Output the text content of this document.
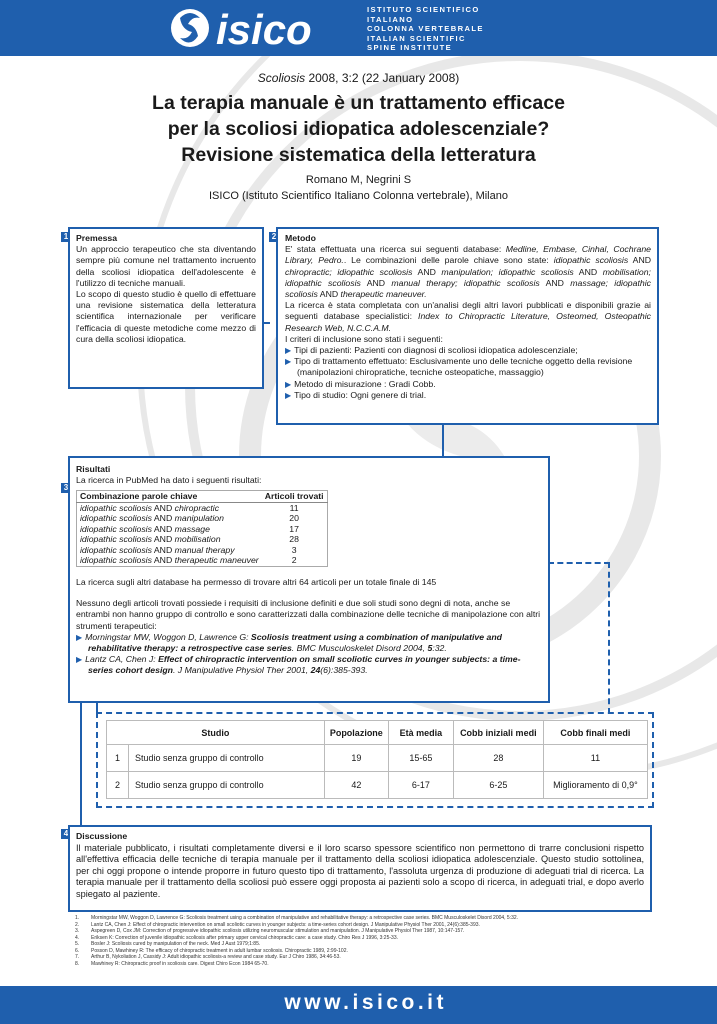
isico	ISTITUTO SCIENTIFICO
ITALIANO
COLONNA VERTEBRALE
ITALIAN SCIENTIFIC
SPINE INSTITUTE
Scoliosis 2008, 3:2 (22 January 2008)
La terapia manuale è un trattamento efficace
per la scoliosi idiopatica adolescenziale?
Revisione sistematica della letteratura
Romano M, Negrini S
ISICO (Istituto Scientifico Italiano Colonna vertebrale), Milano
1 Premessa
Un approccio terapeutico che sta diventando sempre più comune nel trattamento incruento della scoliosi idiopatica dell'adolescente è l'utilizzo di tecniche manuali.
Lo scopo di questo studio è quello di effettuare una revisione sistematica della letteratura scientifica internazionale per verificare l'efficacia di queste metodiche come mezzo di cura della scoliosi idiopatica.
2	Metodo
E' stata effettuata una ricerca sui seguenti database: Medline, Embase, Cinhal, Cochrane Library, Pedro.. Le combinazioni delle parole chiave sono state: idiopathic scoliosis AND chiropractic; idiopathic scoliosis AND manipulation; idiopathic scoliosis AND mobilisation; idiopathic scoliosis AND manual therapy; idiopathic scoliosis AND massage; idiopathic scoliosis AND therapeutic maneuver.
La ricerca è stata completata con un'analisi degli altri lavori pubblicati e disponibili grazie ai seguenti database specialistici: Index to Chiropractic Literature, Osteomed, Osteopathic Research Web, N.C.C.A.M.
I criteri di inclusione sono stati i seguenti:
▶ Tipi di pazienti: Pazienti con diagnosi di scoliosi idiopatica adolescenziale;
▶ Tipo di trattamento effettuato: Esclusivamente uno delle tecniche oggetto della revisione (manipolazioni chiropratiche, tecniche osteopatiche, massaggio)
▶ Metodo di misurazione : Gradi Cobb.
▶ Tipo di studio: Ogni genere di trial.
3
Risultati
La ricerca in PubMed ha dato i seguenti risultati:
Combinazione parole chiave	Articoli trovati
idiopathic scoliosis AND chiropractic	11
idiopathic scoliosis AND manipulation	20
idiopathic scoliosis AND massage	17
idiopathic scoliosis AND mobilisation	28
idiopathic scoliosis AND manual therapy	3
idiopathic scoliosis AND therapeutic maneuver	2
La ricerca sugli altri database ha permesso di trovare altri 64 articoli per un totale finale di 145
Nessuno degli articoli trovati possiede i requisiti di inclusione definiti e due soli studi sono degni di nota, anche se entrambi non hanno gruppo di controllo e sono caratterizzati dalla combinazione delle tecniche di manipolazione con altri strumenti terapeutici:
▶ Morningstar MW, Woggon D, Lawrence G: Scoliosis treatment using a combination of manipulative and rehabilitative therapy: a retrospective case series. BMC Musculoskelet Disord 2004, 5:32.
▶ Lantz CA, Chen J: Effect of chiropractic intervention on small scoliotic curves in younger subjects: a time-series cohort design. J Manipulative Physiol Ther 2001, 24(6):385-393.
Studio		Popolazione	Età media	Cobb iniziali medi	Cobb finali medi
1	Studio senza gruppo di controllo	19	15-65	28	11
2	Studio senza gruppo di controllo	42	6-17	6-25	Miglioramento di 0,9°
4 Discussione
Il materiale pubblicato, i risultati completamente diversi e il loro scarso spessore scientifico non permettono di trarre conclusioni rispetto all'effettiva efficacia delle tecniche di terapia manuale per il trattamento della scoliosi idiopatica adolescenziale. Questo studio sottolinea, per chi oggi propone o intende proporre in futuro questo tipo di trattamento, l'assoluta urgenza di produzione di adeguati trial di ricerca. La terapia manuale per il trattamento della scoliosi può essere oggi proposta ai pazienti solo a scopo di ricerca, in adeguati trial, e dopo averlo spiegato al paziente.
1. Morningstar MW, Woggon D, Lawrence G: Scoliosis treatment using a combination of manipulative and rehabilitative therapy: a retrospective case series. BMC Musculoskelet Disord 2004, 5:32.
2. Lantz CA, Chen J: Effect of chiropractic intervention on small scoliotic curves in younger subjects: a time-series cohort design. J Manipulative Physiol Ther 2001, 24(6):385-393.
3. Aspegreen D, Cox JM: Correction of progressive idiopathic scoliosis utilizing neuromuscular stimulation and manipulation. J Manipulative Physiol Ther 1987, 10:147-157.
4. Eriksen K: Correction of juvenile idiopathic scoliosis after primary upper cervical chiropractic care: a case study. Chiro Res J 1996, 3:25-33.
5. Bosler J: Scoliosis cured by manipulation of the neck. Med J Aust 1979;1:85.
6. Posson D, Mawhiney R: The efficacy of chiropractic treatment in adult lumbar scoliosis. Chiropractic 1989, 2:99-102.
7. Arthur B, Nykoliation J, Cassidy J: Adult idiopathic scoliosis-a review and case study. Eur J Chiro 1986, 34:46-53.
8. Mawhiney R: Chiropractic proof in scoliosis care. Digest Chiro Econ 1984 65-70.
www.isico.it
